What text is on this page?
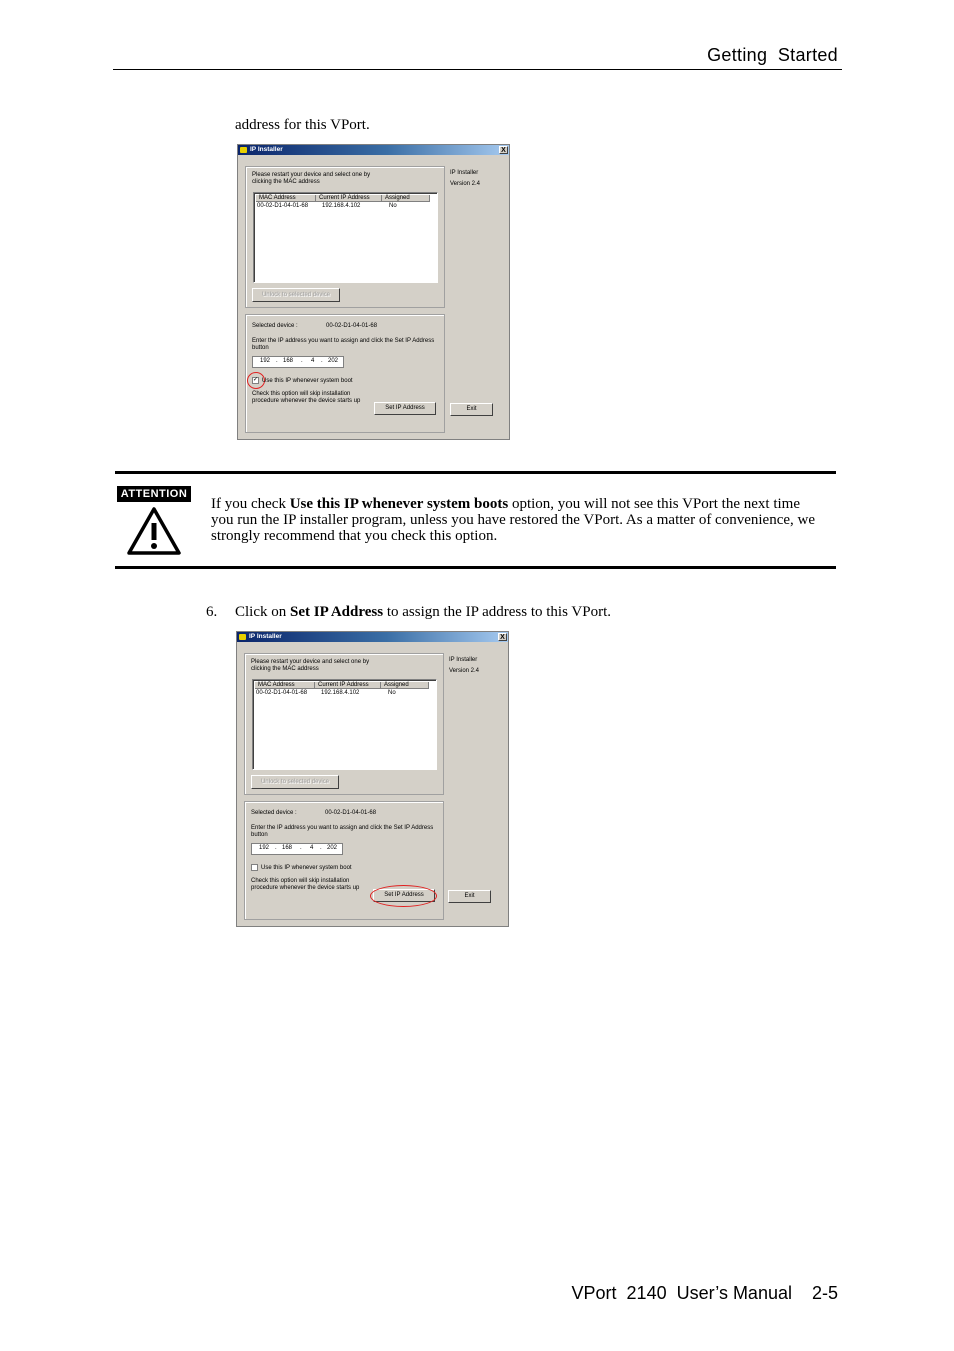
Getting  Started
address for this VPort.
IP Installer	X
Please restart your device and select one by
clicking the MAC address
MAC Address	Current IP Address	Assigned
00-02-D1-04-01-68 192.168.4.102	No
Unlock to selected device
IP Installer
Version 2.4
Selected device :	00-02-D1-04-01-68
Enter the IP address you want to assign and click the Set IP Address
button
192 . 168 . 4 . 202
✓ Use this IP whenever system boot
Check this option will skip installation
procedure whenever the device starts up
Set IP Address	Exit
ATTENTION
If you check Use this IP whenever system boots option, you will not see this VPort the next time you run the IP installer program, unless you have restored the VPort. As a matter of convenience, we strongly recommend that you check this option.
6. Click on Set IP Address to assign the IP address to this VPort.
IP Installer	X
Please restart your device and select one by
clicking the MAC address
MAC Address	Current IP Address	Assigned
00-02-D1-04-01-68 192.168.4.102	No
Unlock to selected device
IP Installer
Version 2.4
Selected device :	00-02-D1-04-01-68
Enter the IP address you want to assign and click the Set IP Address
button
192 . 168 . 4 . 202
Use this IP whenever system boot
Check this option will skip installation
procedure whenever the device starts up
Set IP Address	Exit
VPort  2140  User’s Manual    2-5
